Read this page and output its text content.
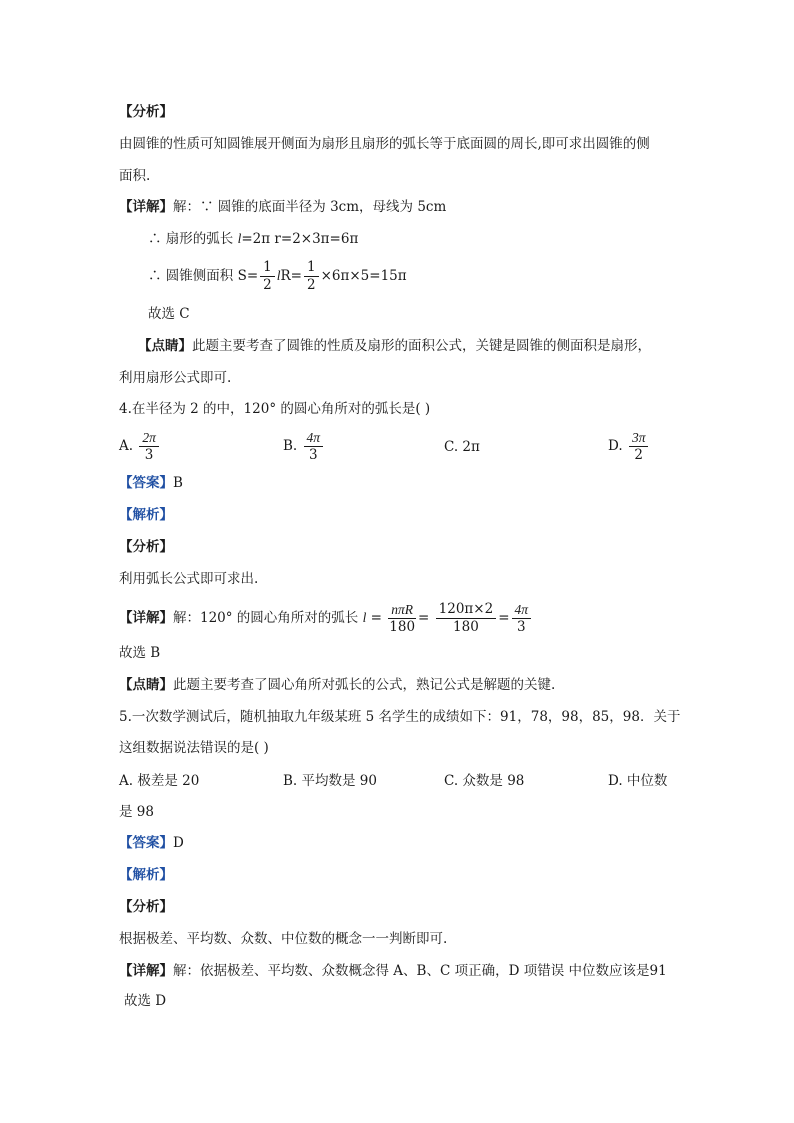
【分析】
由圆锥的性质可知圆锥展开侧面为扇形且扇形的弧长等于底面圆的周长,即可求出圆锥的侧
面积.
【详解】解：∵ 圆锥的底面半径为 3cm，母线为 5cm
∴ 扇形的弧长 l=2π r=2×3π=6π
∴ 圆锥侧面积 $S= \frac{1}{2} lR= \frac{1}{2} \times 6\pi\times 5=15\pi$
故选 C
【点睛】此题主要考查了圆锥的性质及扇形的面积公式，关键是圆锥的侧面积是扇形，
利用扇形公式即可.
4.在半径为 2 的中，120° 的圆心角所对的弧长是( )
A. $\frac{2\pi}{3}$	B. $\frac{4\pi}{3}$	C. 2π	D. $\frac{3\pi}{2}$
【答案】B
【解析】
【分析】
利用弧长公式即可求出.
【详解】解：120° 的圆心角所对的弧长 $l = \frac{\text{nπR}}{180} = \frac{120\pi\times 2}{180} = \frac{4\pi}{3}$
故选 B
【点睛】此题主要考查了圆心角所对弧长的公式，熟记公式是解题的关键.
5.一次数学测试后，随机抽取九年级某班 5 名学生的成绩如下：91，78，98，85，98．关于
这组数据说法错误的是( )
A. 极差是 20	B. 平均数是 90	C. 众数是 98	D. 中位数
是 98
【答案】D
【解析】
【分析】
根据极差、平均数、众数、中位数的概念一一判断即可.
【详解】解：依据极差、平均数、众数概念得 A、B、C 项正确，D 项错误 中位数应该是91
故选 D
